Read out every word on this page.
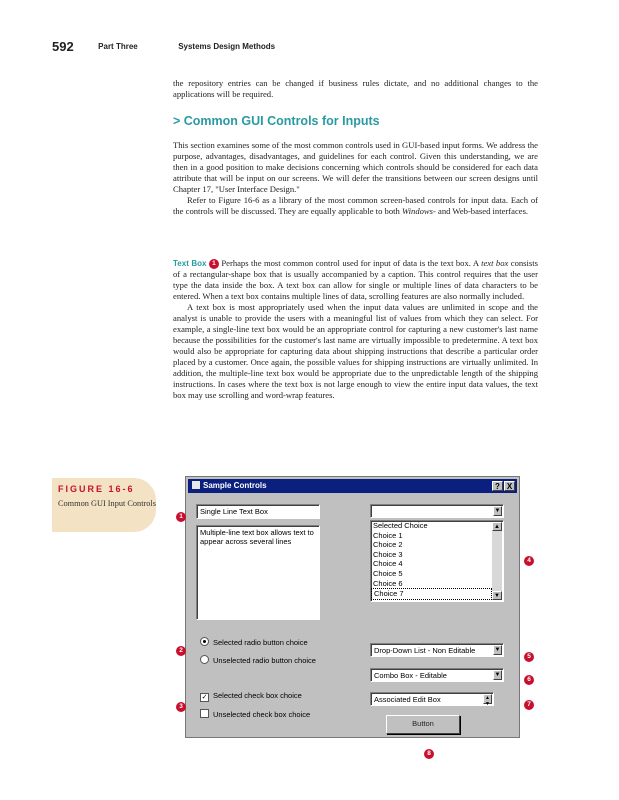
592	Part Three	Systems Design Methods

the repository entries can be changed if business rules dictate, and no additional changes to the applications will be required.

> Common GUI Controls for Inputs

This section examines some of the most common controls used in GUI-based input forms. We address the purpose, advantages, disadvantages, and guidelines for each control. Given this understanding, we are then in a good position to make decisions concerning which controls should be considered for each data attribute that will be input on our screens. We will defer the transitions between our screen designs until Chapter 17, "User Interface Design."

Refer to Figure 16-6 as a library of the most common screen-based controls for input data. Each of the controls will be discussed. They are equally applicable to both Windows- and Web-based interfaces.

Text Box 1 Perhaps the most common control used for input of data is the text box. A text box consists of a rectangular-shape box that is usually accompanied by a caption. This control requires that the user type the data inside the box. A text box can allow for single or multiple lines of data characters to be entered. When a text box contains multiple lines of data, scrolling features are also normally included.

A text box is most appropriately used when the input data values are unlimited in scope and the analyst is unable to provide the users with a meaningful list of values from which they can select. For example, a single-line text box would be an appropriate control for capturing a new customer's last name because the possibilities for the customer's last name are virtually impossible to predetermine. A text box would also be appropriate for capturing data about shipping instructions that describe a particular order placed by a customer. Once again, the possible values for shipping instructions are virtually unlimited. In addition, the multiple-line text box would be appropriate due to the unpredictable length of the shipping instructions. In cases where the text box is not large enough to view the entire input data values, the text box may use scrolling and word-wrap features.

FIGURE 16-6
Common GUI Input Controls
Sample Controls	? X
Single Line Text Box
Multiple-line text box allows text to appear across several lines
▼
Selected Choice
Choice 1
Choice 2
Choice 3
Choice 4
Choice 5
Choice 6
Choice 7
▲
▼
Selected radio button choice
Unselected radio button choice
✓ Selected check box choice
Unselected check box choice
Drop-Down List - Non Editable	▼
Combo Box - Editable	▼
Associated Edit Box	▲
▼
Button
1
2
3
4
5
6
7
8
